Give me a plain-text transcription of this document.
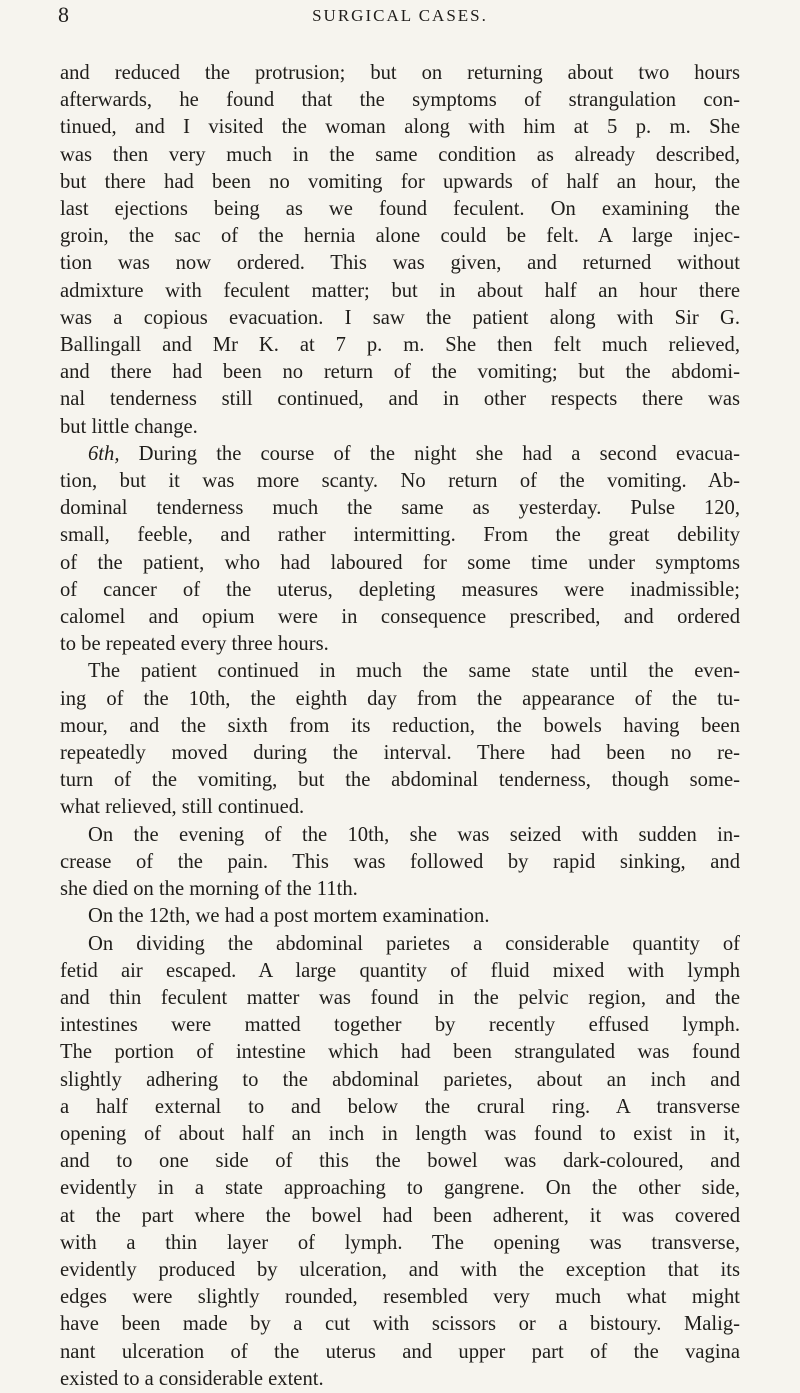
8	SURGICAL CASES.
and reduced the protrusion; but on returning about two hours
afterwards, he found that the symptoms of strangulation con-
tinued, and I visited the woman along with him at 5 p. m. She
was then very much in the same condition as already described,
but there had been no vomiting for upwards of half an hour, the
last ejections being as we found feculent. On examining the
groin, the sac of the hernia alone could be felt. A large injec-
tion was now ordered. This was given, and returned without
admixture with feculent matter; but in about half an hour there
was a copious evacuation. I saw the patient along with Sir G.
Ballingall and Mr K. at 7 p. m. She then felt much relieved,
and there had been no return of the vomiting; but the abdomi-
nal tenderness still continued, and in other respects there was
but little change.
6th, During the course of the night she had a second evacua-
tion, but it was more scanty. No return of the vomiting. Ab-
dominal tenderness much the same as yesterday. Pulse 120,
small, feeble, and rather intermitting. From the great debility
of the patient, who had laboured for some time under symptoms
of cancer of the uterus, depleting measures were inadmissible;
calomel and opium were in consequence prescribed, and ordered
to be repeated every three hours.
The patient continued in much the same state until the even-
ing of the 10th, the eighth day from the appearance of the tu-
mour, and the sixth from its reduction, the bowels having been
repeatedly moved during the interval. There had been no re-
turn of the vomiting, but the abdominal tenderness, though some-
what relieved, still continued.
On the evening of the 10th, she was seized with sudden in-
crease of the pain. This was followed by rapid sinking, and
she died on the morning of the 11th.
On the 12th, we had a post mortem examination.
On dividing the abdominal parietes a considerable quantity of
fetid air escaped. A large quantity of fluid mixed with lymph
and thin feculent matter was found in the pelvic region, and the
intestines were matted together by recently effused lymph.
The portion of intestine which had been strangulated was found
slightly adhering to the abdominal parietes, about an inch and
a half external to and below the crural ring. A transverse
opening of about half an inch in length was found to exist in it,
and to one side of this the bowel was dark-coloured, and
evidently in a state approaching to gangrene. On the other side,
at the part where the bowel had been adherent, it was covered
with a thin layer of lymph. The opening was transverse,
evidently produced by ulceration, and with the exception that its
edges were slightly rounded, resembled very much what might
have been made by a cut with scissors or a bistoury. Malig-
nant ulceration of the uterus and upper part of the vagina
existed to a considerable extent.
